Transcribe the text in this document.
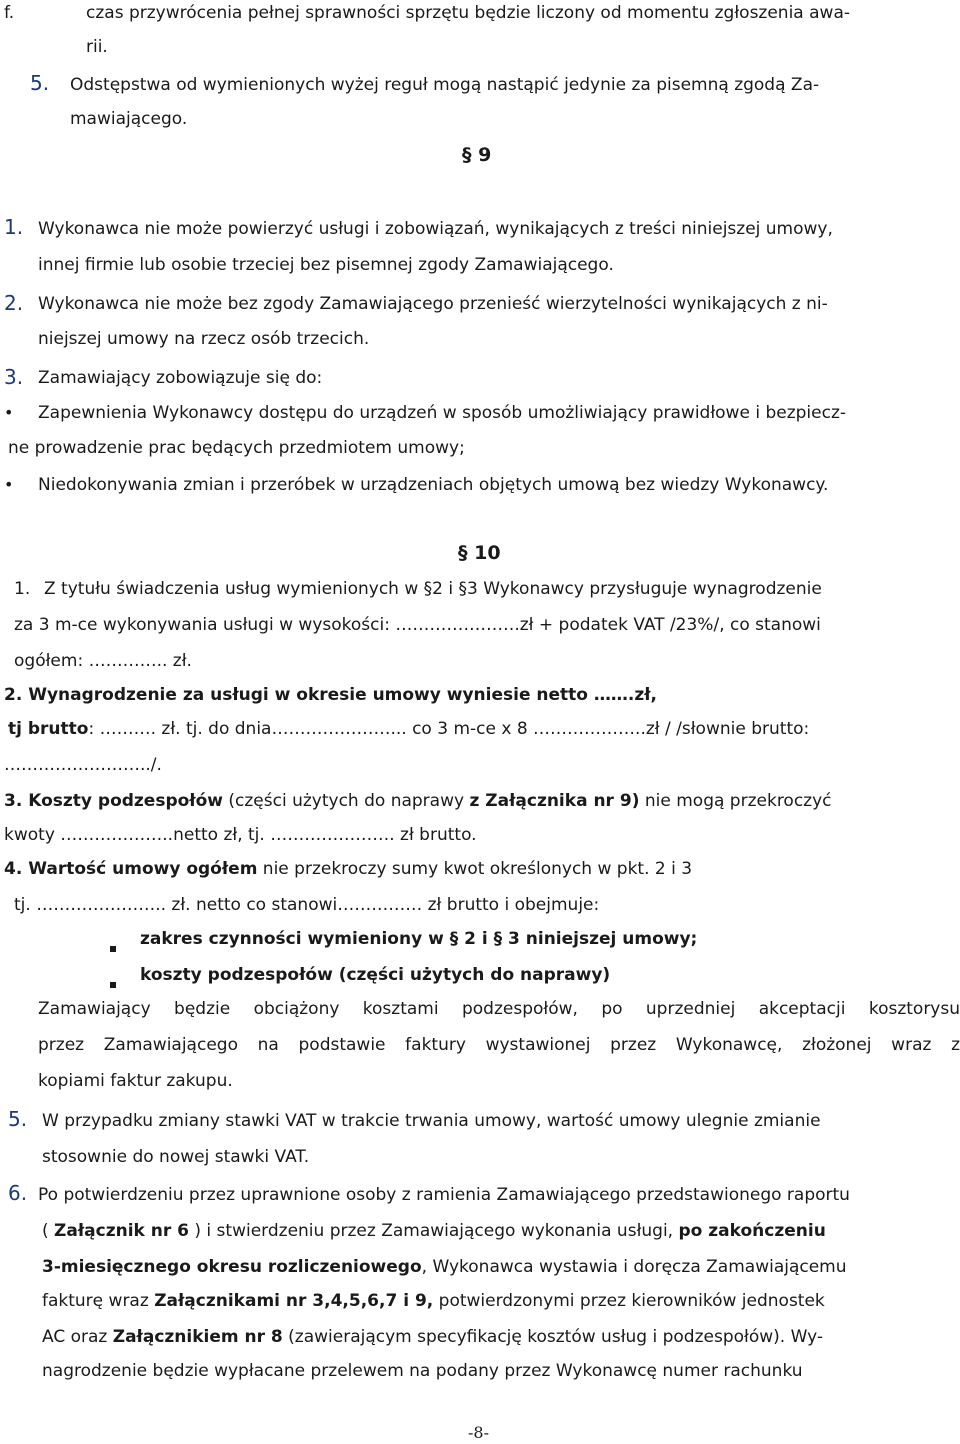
f.	czas przywrócenia pełnej sprawności sprzętu będzie liczony od momentu zgłoszenia awa-
rii.
5. Odstępstwa od wymienionych wyżej reguł mogą nastąpić jedynie za pisemną zgodą Za-
mawiającego.
§ 9
1. Wykonawca nie może powierzyć usługi i zobowiązań, wynikających z treści niniejszej umowy,
innej firmie lub osobie trzeciej bez pisemnej zgody Zamawiającego.
2. Wykonawca nie może bez zgody Zamawiającego przenieść wierzytelności wynikających z ni-
niejszej umowy na rzecz osób trzecich.
3. Zamawiający zobowiązuje się do:
• Zapewnienia Wykonawcy dostępu do urządzeń w sposób umożliwiający prawidłowe i bezpiecz-
ne prowadzenie prac będących przedmiotem umowy;
• Niedokonywania zmian i przeróbek w urządzeniach objętych umową bez wiedzy Wykonawcy.
§ 10
1. Z tytułu świadczenia usług wymienionych w §2 i §3 Wykonawcy przysługuje wynagrodzenie
za 3 m-ce wykonywania usługi w wysokości: ………………….zł + podatek VAT /23%/, co stanowi
ogółem: ………….. zł.
2. Wynagrodzenie za usługi w okresie umowy wyniesie netto …….zł,
tj brutto: ………. zł. tj. do dnia…………………... co 3 m-ce x 8 ………………..zł / /słownie brutto:
……………………../.
3. Koszty podzespołów (części użytych do naprawy z Załącznika nr 9) nie mogą przekroczyć
kwoty ………………..netto zł, tj. …………………. zł brutto.
4. Wartość umowy ogółem nie przekroczy sumy kwot określonych w pkt. 2 i 3
tj. ………………….. zł. netto co stanowi…………… zł brutto i obejmuje:
zakres czynności wymieniony w § 2 i § 3 niniejszej umowy;
koszty podzespołów (części użytych do naprawy)
Zamawiający będzie obciążony kosztami podzespołów, po uprzedniej akceptacji kosztorysu
przez Zamawiającego na podstawie faktury wystawionej przez Wykonawcę, złożonej wraz z
kopiami faktur zakupu.
5. W przypadku zmiany stawki VAT w trakcie trwania umowy, wartość umowy ulegnie zmianie
stosownie do nowej stawki VAT.
6. Po potwierdzeniu przez uprawnione osoby z ramienia Zamawiającego przedstawionego raportu
( Załącznik nr 6 ) i stwierdzeniu przez Zamawiającego wykonania usługi, po zakończeniu
3-miesięcznego okresu rozliczeniowego, Wykonawca wystawia i doręcza Zamawiającemu
fakturę wraz Załącznikami nr 3,4,5,6,7 i 9, potwierdzonymi przez kierowników jednostek
AC oraz Załącznikiem nr 8 (zawierającym specyfikację kosztów usług i podzespołów). Wy-
nagrodzenie będzie wypłacane przelewem na podany przez Wykonawcę numer rachunku
-8-
